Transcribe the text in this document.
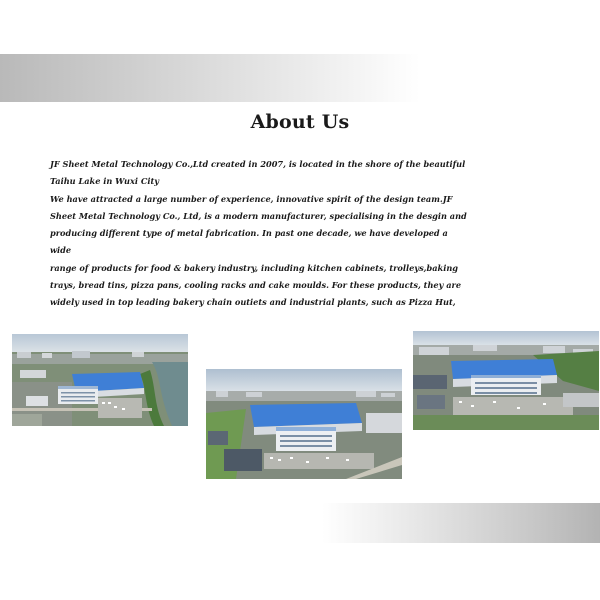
About Us

JF Sheet Metal Technology Co.,Ltd created in 2007, is located in the shore of the beautiful
Taihu Lake in Wuxi City
We have attracted a large number of experience, innovative spirit of the design team.JF
Sheet Metal Technology Co., Ltd, is a modern manufacturer, specialising in the desgin and
producing different type of metal fabrication. In past one decade, we have developed a wide
range of products for food & bakery industry, including kitchen cabinets, trolleys,baking
trays, bread tins, pizza pans, cooling racks and cake moulds. For these products, they are
widely used in top leading bakery chain outiets and industrial plants, such as Pizza Hut,
